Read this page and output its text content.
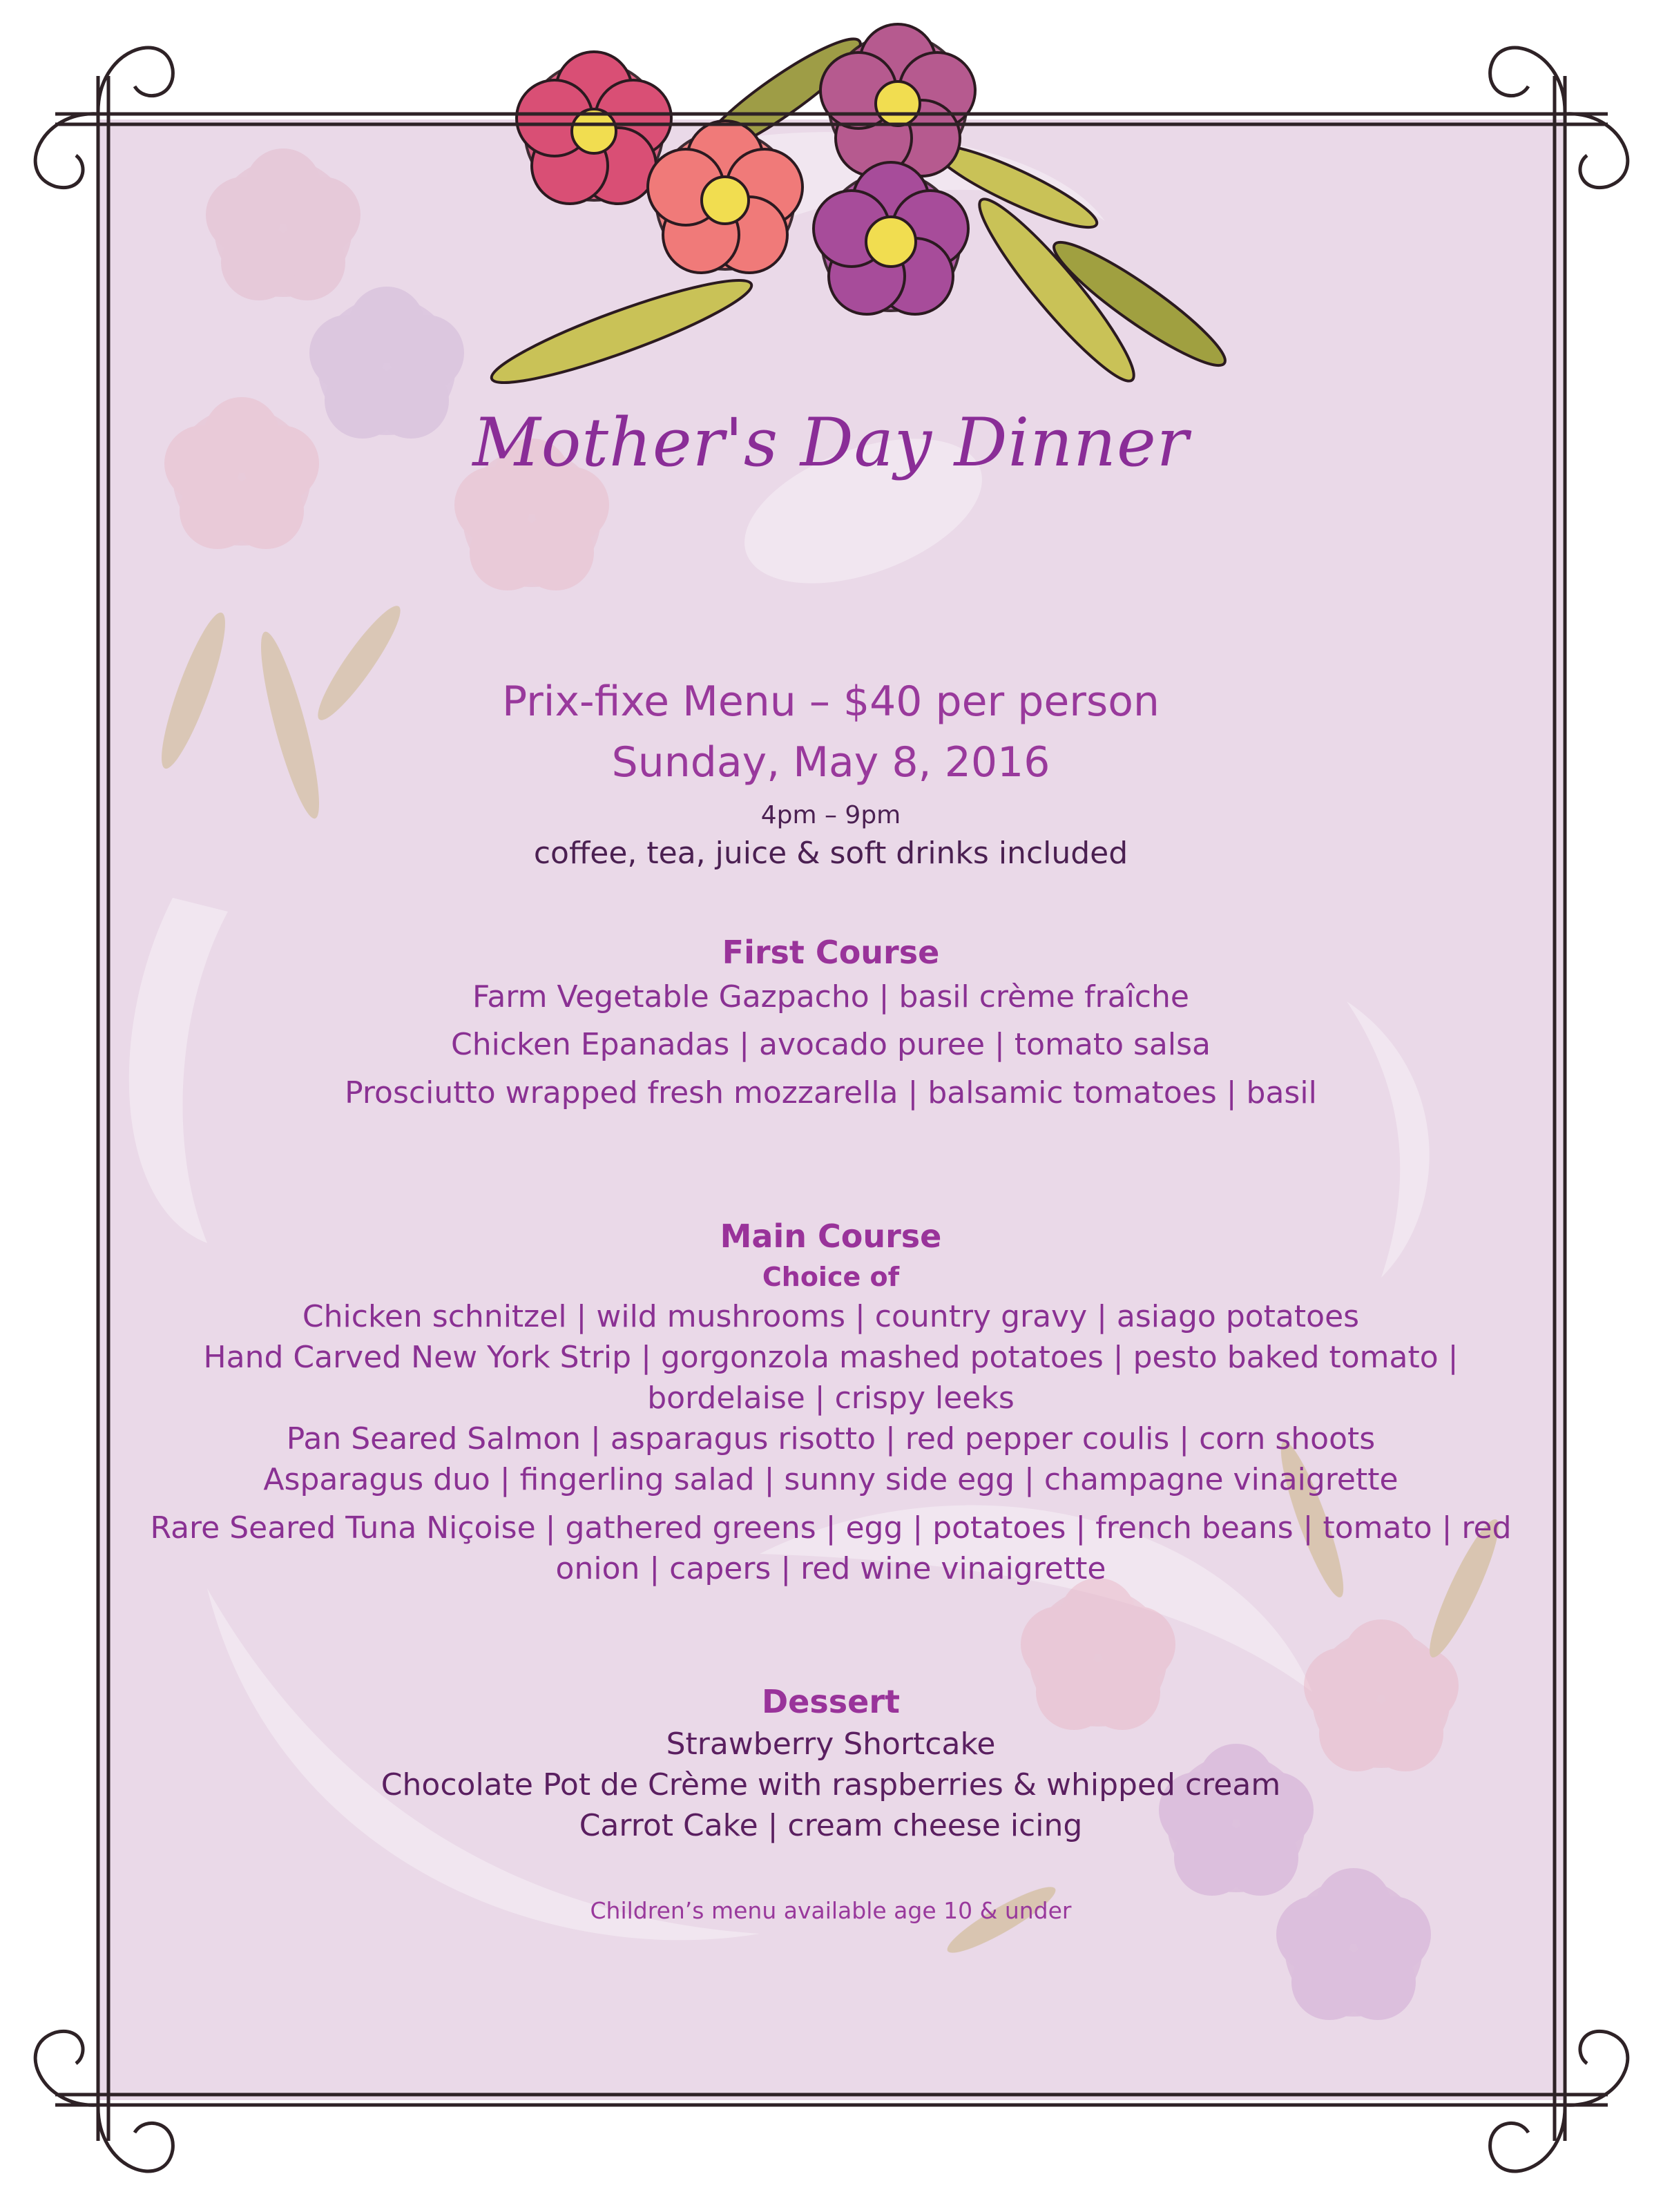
Mother's Day Dinner
Prix-fixe Menu – $40 per person
Sunday, May 8, 2016
4pm – 9pm
coffee, tea, juice & soft drinks included
First Course
Farm Vegetable Gazpacho | basil crème fraîche
Chicken Epanadas | avocado puree | tomato salsa
Prosciutto wrapped fresh mozzarella | balsamic tomatoes | basil
Main Course
Choice of
Chicken schnitzel | wild mushrooms | country gravy | asiago potatoes
Hand Carved New York Strip | gorgonzola mashed potatoes | pesto baked tomato |
bordelaise | crispy leeks
Pan Seared Salmon | asparagus risotto | red pepper coulis | corn shoots
Asparagus duo | fingerling salad | sunny side egg | champagne vinaigrette
Rare Seared Tuna Niçoise | gathered greens | egg | potatoes | french beans | tomato | red
onion | capers | red wine vinaigrette
Dessert
Strawberry Shortcake
Chocolate Pot de Crème with raspberries & whipped cream
Carrot Cake | cream cheese icing
Children’s menu available age 10 & under
